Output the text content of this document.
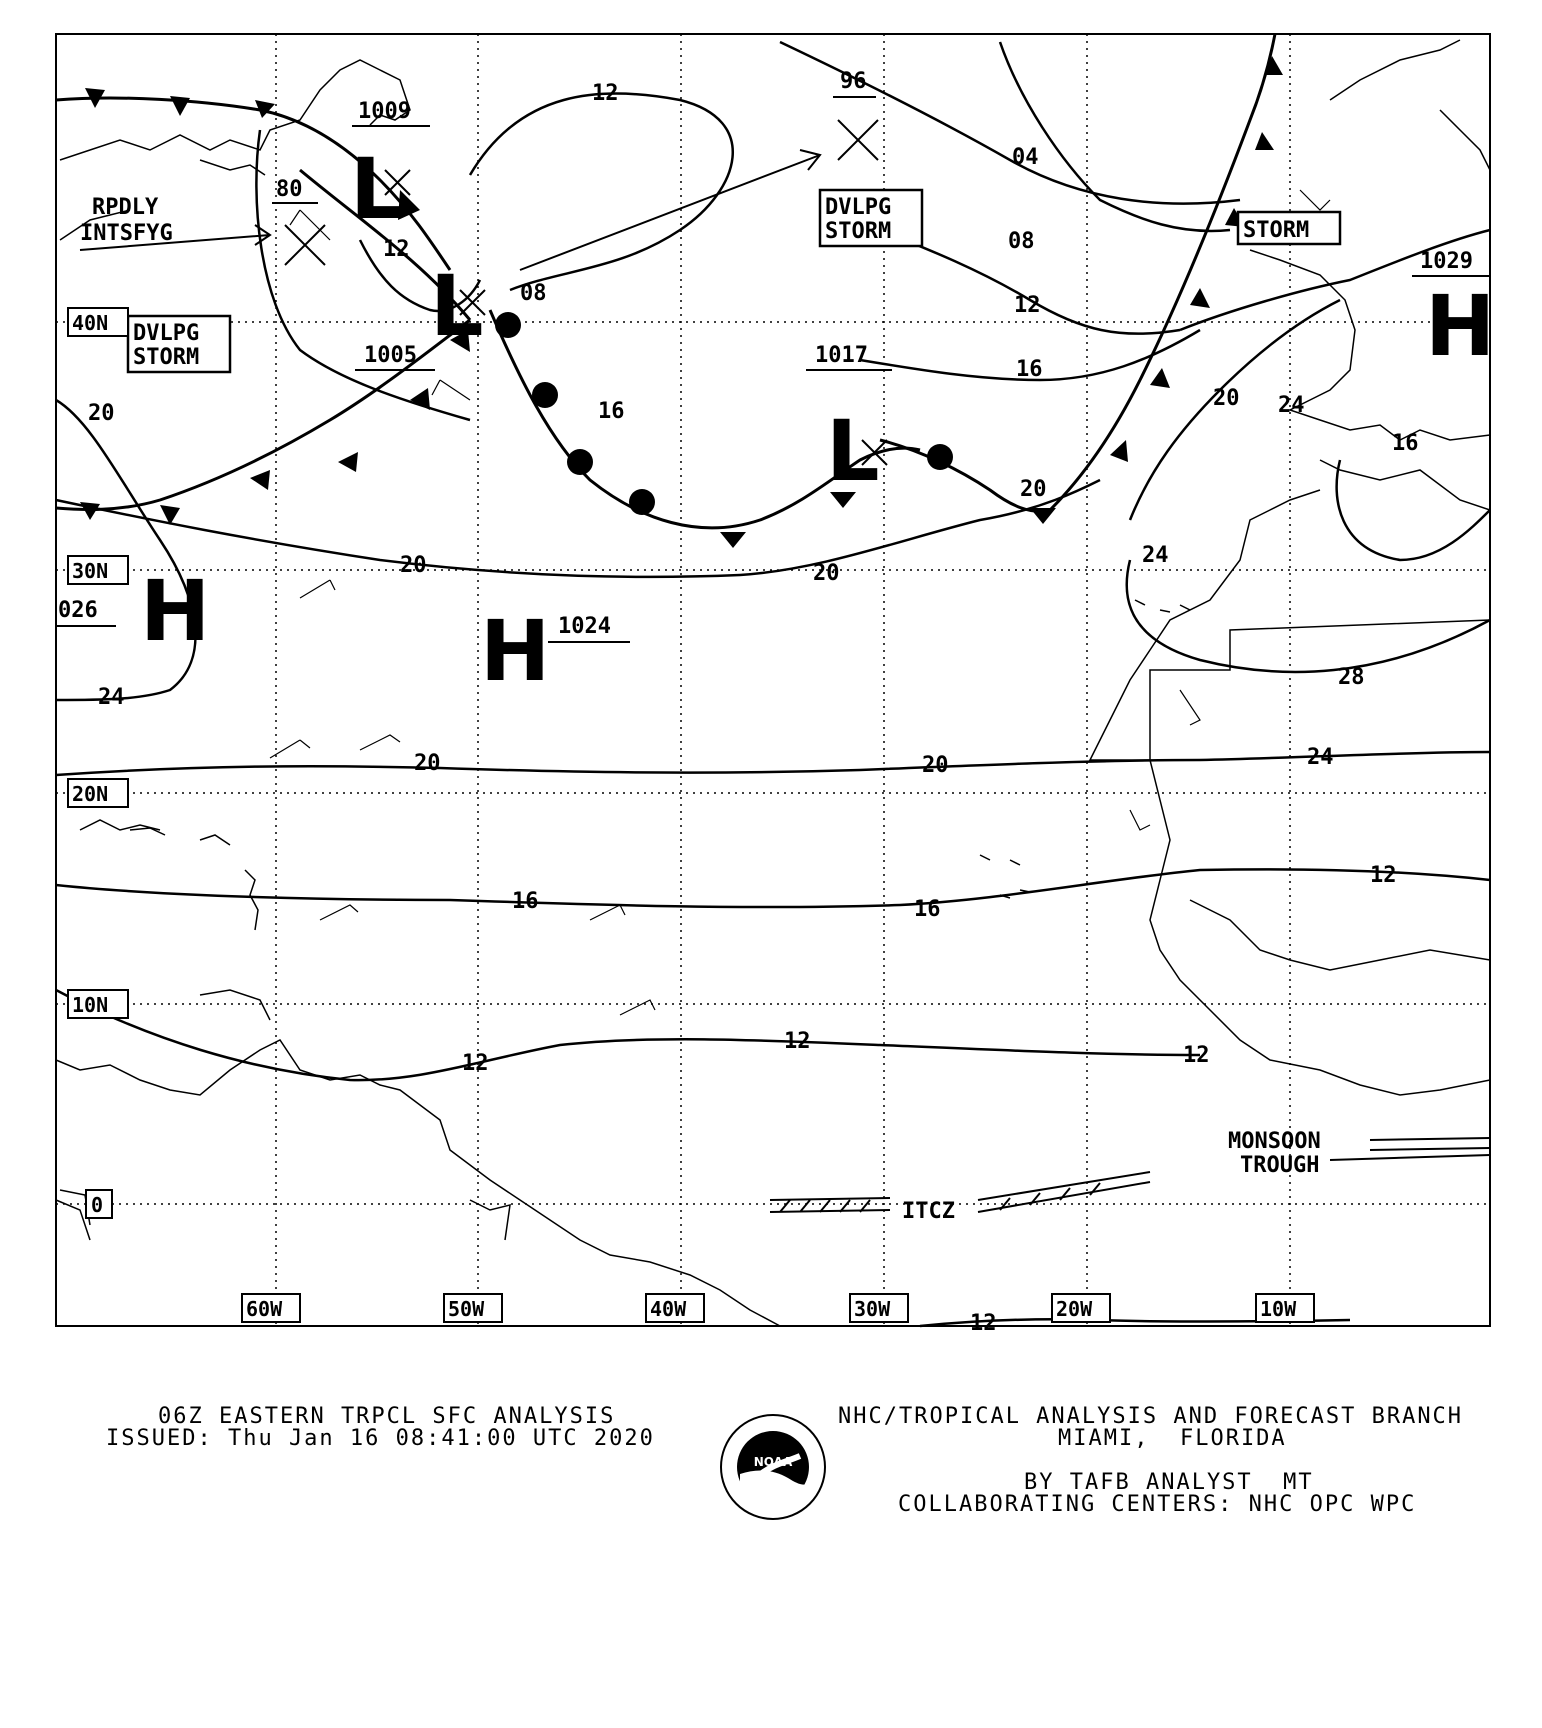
12
12
08
04
08
12
16
16
20
20	20
20
20
20	20	24
24
24
24
28
16
16	16
12
12
12
12
12
80
96
H	H
H
L
L
L
026
1024
1029
1005
1009
1017
DVLPG
STORM
DVLPG
STORM	STORM
RPDLY
INTSFYG
MONSOON
TROUGH
ITCZ
40N
30N
20N
10N
0
60W	50W	40W	30W	20W	10W
06Z EASTERN TRPCL SFC ANALYSIS
ISSUED: Thu Jan 16 08:41:00 UTC 2020
NHC/TROPICAL ANALYSIS AND FORECAST BRANCH
MIAMI,  FLORIDA
BY TAFB ANALYST  MT
COLLABORATING CENTERS: NHC OPC WPC
NOAA
